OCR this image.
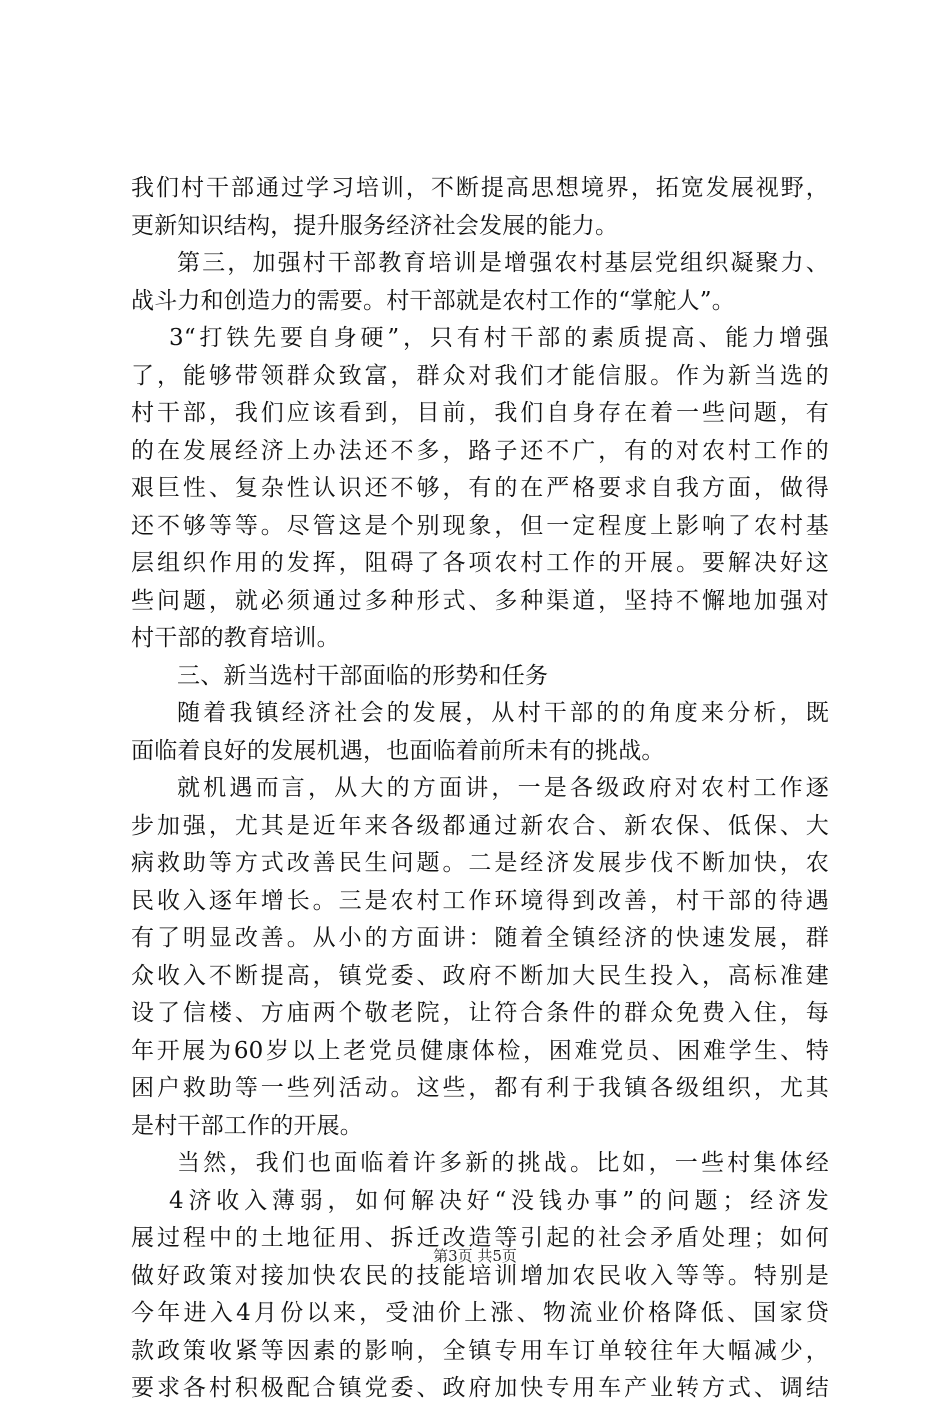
我们村干部通过学习培训，不断提高思想境界，拓宽发展视野，
更新知识结构，提升服务经济社会发展的能力。
第三，加强村干部教育培训是增强农村基层党组织凝聚力、
战斗力和创造力的需要。村干部就是农村工作的“掌舵人”。
3“打铁先要自身硬”，只有村干部的素质提高、能力增强
了，能够带领群众致富，群众对我们才能信服。作为新当选的
村干部，我们应该看到，目前，我们自身存在着一些问题，有
的在发展经济上办法还不多，路子还不广，有的对农村工作的
艰巨性、复杂性认识还不够，有的在严格要求自我方面，做得
还不够等等。尽管这是个别现象，但一定程度上影响了农村基
层组织作用的发挥，阻碍了各项农村工作的开展。要解决好这
些问题，就必须通过多种形式、多种渠道，坚持不懈地加强对
村干部的教育培训。
三、新当选村干部面临的形势和任务
随着我镇经济社会的发展，从村干部的的角度来分析，既
面临着良好的发展机遇，也面临着前所未有的挑战。
就机遇而言，从大的方面讲，一是各级政府对农村工作逐
步加强，尤其是近年来各级都通过新农合、新农保、低保、大
病救助等方式改善民生问题。二是经济发展步伐不断加快，农
民收入逐年增长。三是农村工作环境得到改善，村干部的待遇
有了明显改善。从小的方面讲：随着全镇经济的快速发展，群
众收入不断提高，镇党委、政府不断加大民生投入，高标准建
设了信楼、方庙两个敬老院，让符合条件的群众免费入住，每
年开展为60岁以上老党员健康体检，困难党员、困难学生、特
困户救助等一些列活动。这些，都有利于我镇各级组织，尤其
是村干部工作的开展。
当然，我们也面临着许多新的挑战。比如，一些村集体经
4济收入薄弱，如何解决好“没钱办事”的问题；经济发
展过程中的土地征用、拆迁改造等引起的社会矛盾处理；如何
做好政策对接加快农民的技能培训增加农民收入等等。特别是
今年进入4月份以来，受油价上涨、物流业价格降低、国家贷
款政策收紧等因素的影响，全镇专用车订单较往年大幅减少，
要求各村积极配合镇党委、政府加快专用车产业转方式、调结
第3页 共5页
